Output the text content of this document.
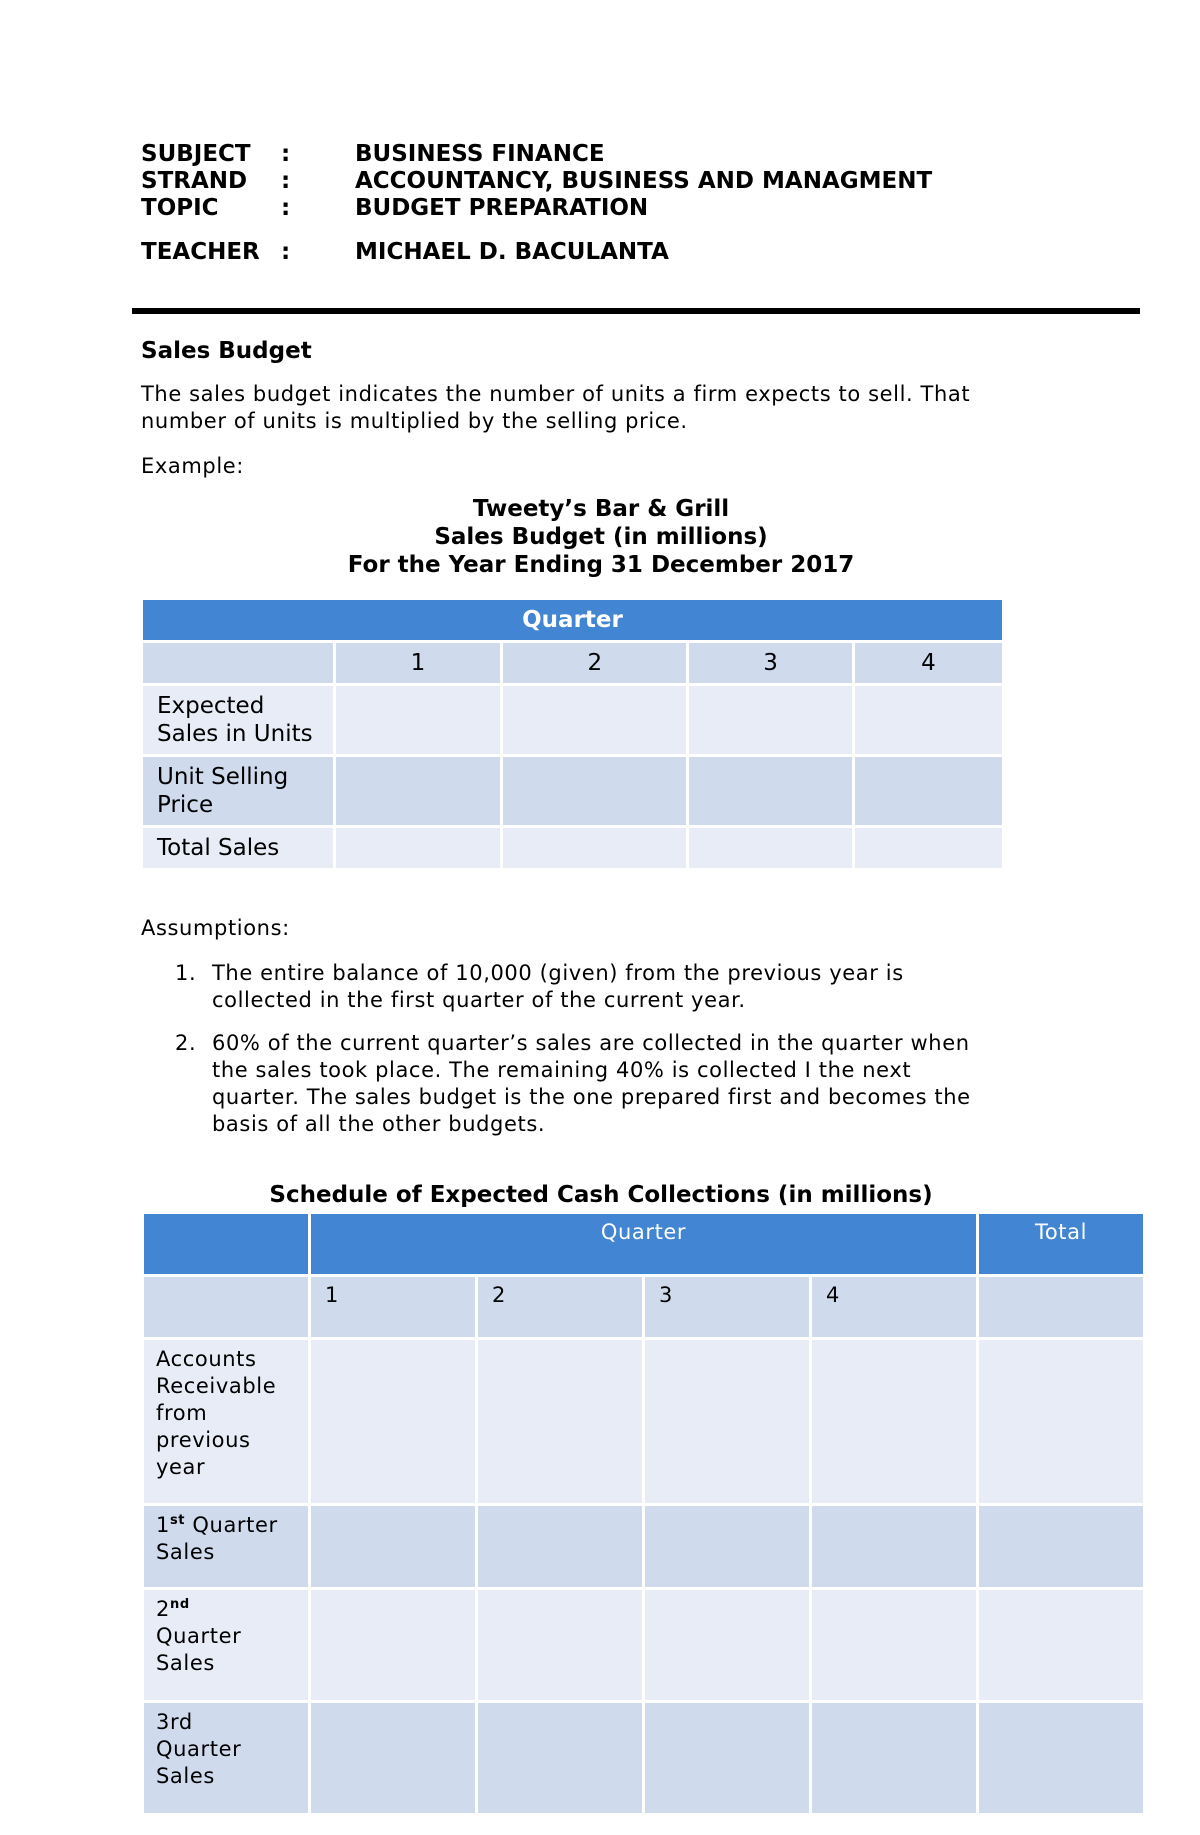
SUBJECT :	BUSINESS FINANCE
STRAND :	ACCOUNTANCY, BUSINESS AND MANAGMENT
TOPIC	:	BUDGET PREPARATION
TEACHER :	MICHAEL D. BACULANTA
Sales Budget
The sales budget indicates the number of units a firm expects to sell. That
number of units is multiplied by the selling price.
Example:
Tweety’s Bar & Grill
Sales Budget (in millions)
For the Year Ending 31 December 2017
Quarter				
	1	2	3	4

Expected
Sales in Units				

Unit Selling
Price				

Total Sales				
Assumptions:
1. The entire balance of 10,000 (given) from the previous year is
collected in the first quarter of the current year.
2. 60% of the current quarter’s sales are collected in the quarter when
the sales took place. The remaining 40% is collected I the next
quarter. The sales budget is the one prepared first and becomes the
basis of all the other budgets.
Schedule of Expected Cash Collections (in millions)
	Quarter				Total
	1	2	3	4	

Accounts
Receivable
from
previous
year					

1st Quarter
Sales					

2nd
Quarter
Sales					

3rd
Quarter
Sales					
